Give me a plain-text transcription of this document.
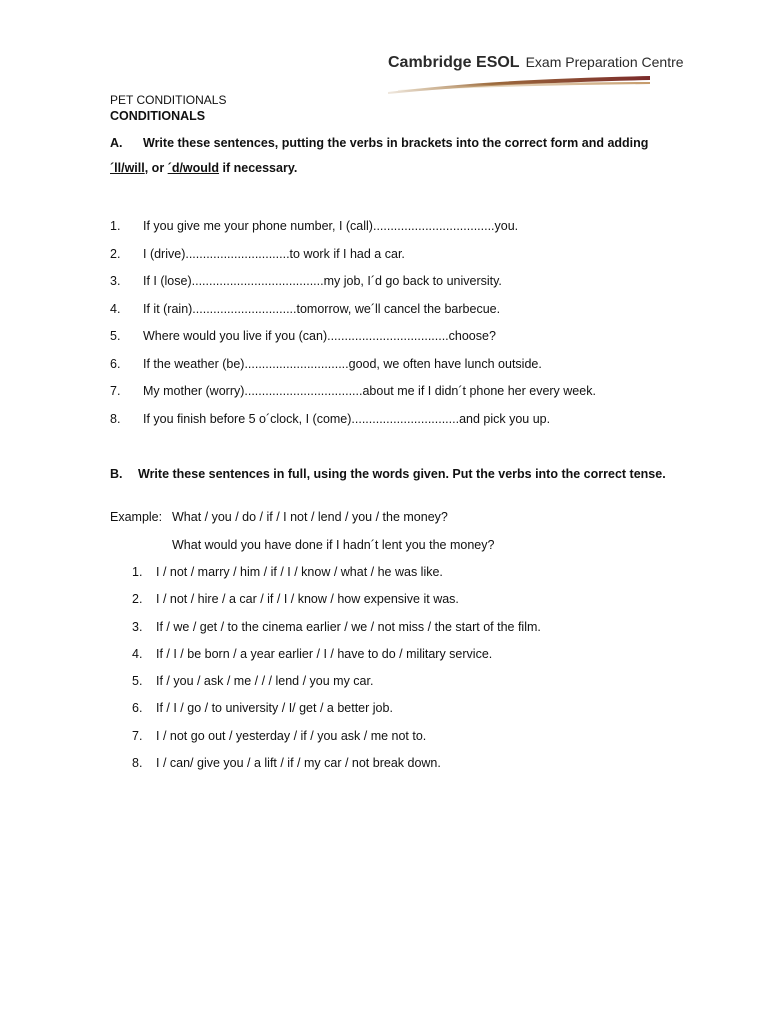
Cambridge ESOL Exam Preparation Centre
PET CONDITIONALS
CONDITIONALS
A. Write these sentences, putting the verbs in brackets into the correct form and adding
´ll/will, or ´d/would if necessary.
1. If you give me your phone number, I (call)...................................you.
2. I (drive)..............................to work if I had a car.
3. If I (lose)......................................my job, I´d go back to university.
4. If it (rain)..............................tomorrow, we´ll cancel the barbecue.
5. Where would you live if you (can)...................................choose?
6. If the weather (be)..............................good, we often have lunch outside.
7. My mother (worry)..................................about me if I didn´t phone her every week.
8. If you finish before 5 o´clock, I (come)...............................and pick you up.
B. Write these sentences in full, using the words given. Put the verbs into the correct tense.
Example: What / you / do / if / I not / lend / you / the money?
What would you have done if I hadn´t lent you the money?
1. I / not / marry / him / if / I / know / what / he was like.
2. I / not / hire / a car / if / I / know / how expensive it was.
3. If / we / get / to the cinema earlier / we / not miss / the start of the film.
4. If / I / be born / a year earlier / I / have to do / military service.
5. If / you / ask / me / / / lend / you my car.
6. If / I / go / to university / I/ get / a better job.
7. I / not go out / yesterday / if / you ask / me not to.
8. I / can/ give you / a lift / if / my car / not break down.
